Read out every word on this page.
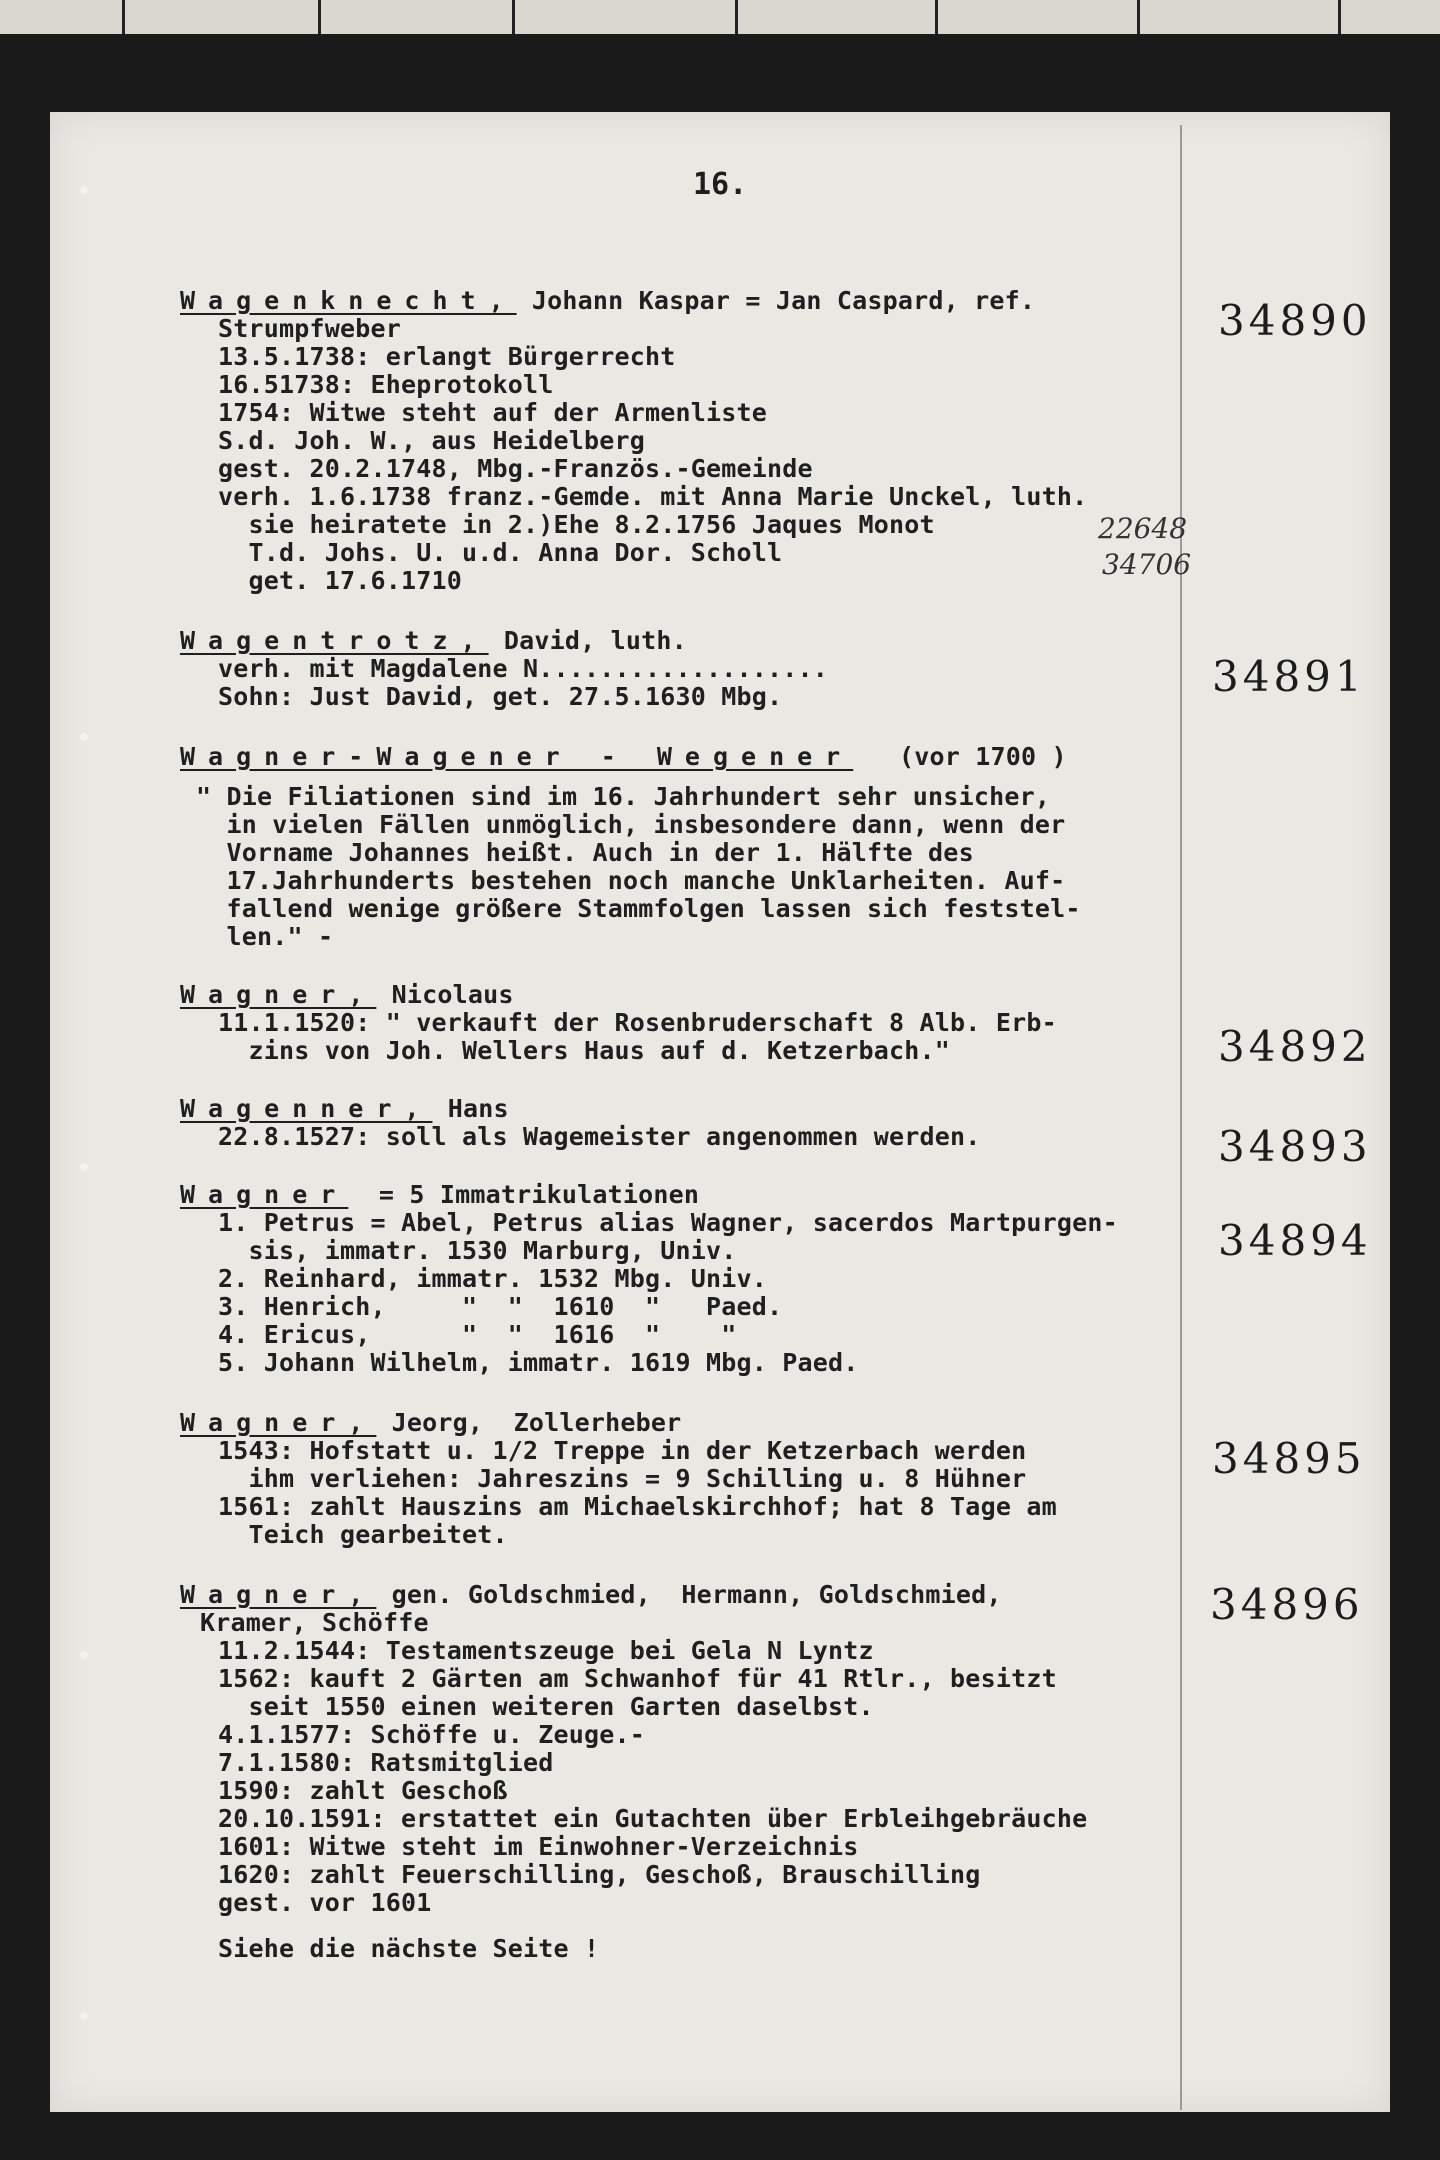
16.
Wagenknecht, Johann Kaspar = Jan Caspard, ref.	34890
Strumpfweber
13.5.1738: erlangt Bürgerrecht
16.51738: Eheprotokoll
1754: Witwe steht auf der Armenliste
S.d. Joh. W., aus Heidelberg
gest. 20.2.1748, Mbg.-Französ.-Gemeinde
verh. 1.6.1738 franz.-Gemde. mit Anna Marie Unckel, luth.
sie heiratete in 2.)Ehe 8.2.1756 Jaques Monot
T.d. Johs. U. u.d. Anna Dor. Scholl
get. 17.6.1710
22648
34706
Wagentrotz, David, luth.
34891
verh. mit Magdalene N...................
Sohn: Just David, get. 27.5.1630 Mbg.
Wagner-Wagener - Wegener   (vor 1700 )
" Die Filiationen sind im 16. Jahrhundert sehr unsicher,
in vielen Fällen unmöglich, insbesondere dann, wenn der
Vorname Johannes heißt. Auch in der 1. Hälfte des
17.Jahrhunderts bestehen noch manche Unklarheiten. Auf-
fallend wenige größere Stammfolgen lassen sich feststel-
len." -
Wagner, Nicolaus
34892
11.1.1520: " verkauft der Rosenbruderschaft 8 Alb. Erb-
zins von Joh. Wellers Haus auf d. Ketzerbach."
Wagenner, Hans
34893
22.8.1527: soll als Wagemeister angenommen werden.
Wagner  = 5 Immatrikulationen
34894
1. Petrus = Abel, Petrus alias Wagner, sacerdos Martpurgen-
sis, immatr. 1530 Marburg, Univ.
2. Reinhard, immatr. 1532 Mbg. Univ.
3. Henrich,     "  "  1610  "   Paed.
4. Ericus,      "  "  1616  "    "
5. Johann Wilhelm, immatr. 1619 Mbg. Paed.
Wagner, Jeorg,  Zollerheber
34895
1543: Hofstatt u. 1/2 Treppe in der Ketzerbach werden
ihm verliehen: Jahreszins = 9 Schilling u. 8 Hühner
1561: zahlt Hauszins am Michaelskirchhof; hat 8 Tage am
Teich gearbeitet.
Wagner, gen. Goldschmied,  Hermann, Goldschmied,	34896
Kramer, Schöffe
11.2.1544: Testamentszeuge bei Gela N Lyntz
1562: kauft 2 Gärten am Schwanhof für 41 Rtlr., besitzt
seit 1550 einen weiteren Garten daselbst.
4.1.1577: Schöffe u. Zeuge.-
7.1.1580: Ratsmitglied
1590: zahlt Geschoß
20.10.1591: erstattet ein Gutachten über Erbleihgebräuche
1601: Witwe steht im Einwohner-Verzeichnis
1620: zahlt Feuerschilling, Geschoß, Brauschilling
gest. vor 1601
Siehe die nächste Seite !
